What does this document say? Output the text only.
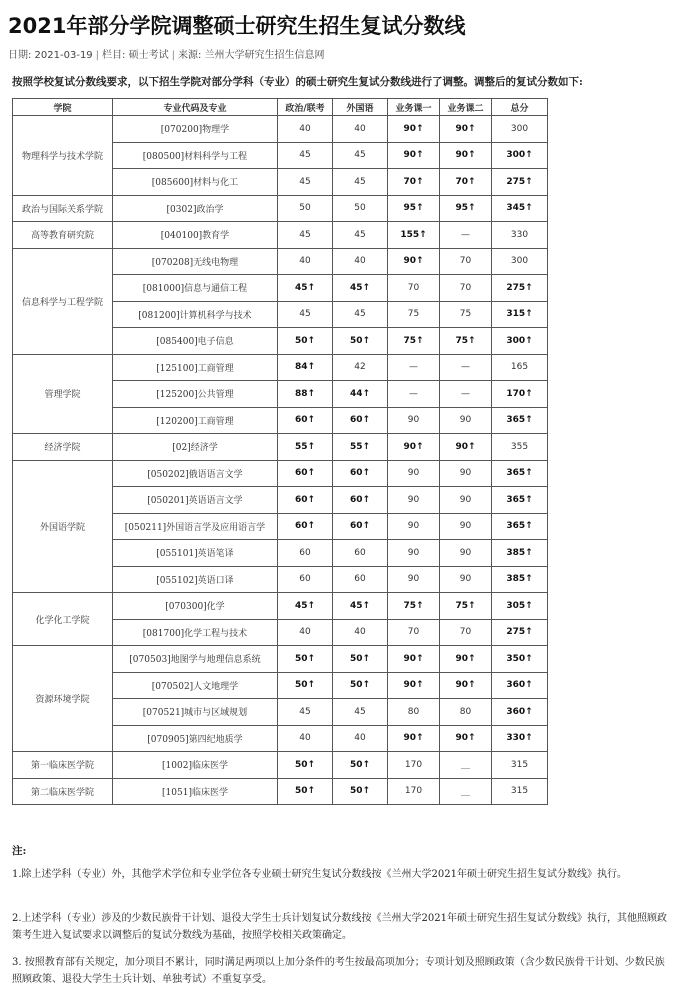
2021年部分学院调整硕士研究生招生复试分数线
日期: 2021-03-19 | 栏目: 硕士考试 | 来源: 兰州大学研究生招生信息网
按照学校复试分数线要求，以下招生学院对部分学科（专业）的硕士研究生复试分数线进行了调整。调整后的复试分数如下:
学院	专业代码及专业	政治/联考	外国语	业务课一	业务课二	总分
物理科学与技术学院	[070200]物理学	40	40	90↑	90↑	300
	[080500]材料科学与工程	45	45	90↑	90↑	300↑
	[085600]材料与化工	45	45	70↑	70↑	275↑
政治与国际关系学院	[0302]政治学	50	50	95↑	95↑	345↑
高等教育研究院	[040100]教育学	45	45	155↑	—	330
信息科学与工程学院	[070208]无线电物理	40	40	90↑	70	300
	[081000]信息与通信工程	45↑	45↑	70	70	275↑
	[081200]计算机科学与技术	45	45	75	75	315↑
	[085400]电子信息	50↑	50↑	75↑	75↑	300↑
管理学院	[125100]工商管理	84↑	42	—	—	165
	[125200]公共管理	88↑	44↑	—	—	170↑
	[120200]工商管理	60↑	60↑	90	90	365↑
经济学院	[02]经济学	55↑	55↑	90↑	90↑	355
外国语学院	[050202]俄语语言文学	60↑	60↑	90	90	365↑
	[050201]英语语言文学	60↑	60↑	90	90	365↑
	[050211]外国语言学及应用语言学	60↑	60↑	90	90	365↑
	[055101]英语笔译	60	60	90	90	385↑
	[055102]英语口译	60	60	90	90	385↑
化学化工学院	[070300]化学	45↑	45↑	75↑	75↑	305↑
	[081700]化学工程与技术	40	40	70	70	275↑
资源环境学院	[070503]地图学与地理信息系统	50↑	50↑	90↑	90↑	350↑
	[070502]人文地理学	50↑	50↑	90↑	90↑	360↑
	[070521]城市与区域规划	45	45	80	80	360↑
	[070905]第四纪地质学	40	40	90↑	90↑	330↑
第一临床医学院	[1002]临床医学	50↑	50↑	170	＿	315
第二临床医学院	[1051]临床医学	50↑	50↑	170	＿	315
注:
1.除上述学科（专业）外，其他学术学位和专业学位各专业硕士研究生复试分数线按《兰州大学2021年硕士研究生招生复试分数线》执行。
2.上述学科（专业）涉及的少数民族骨干计划、退役大学生士兵计划复试分数线按《兰州大学2021年硕士研究生招生复试分数线》执行，其他照顾政策考生进入复试要求以调整后的复试分数线为基础，按照学校相关政策确定。
3. 按照教育部有关规定，加分项目不累计，同时满足两项以上加分条件的考生按最高项加分；专项计划及照顾政策（含少数民族骨干计划、少数民族照顾政策、退役大学生士兵计划、单独考试）不重复享受。
